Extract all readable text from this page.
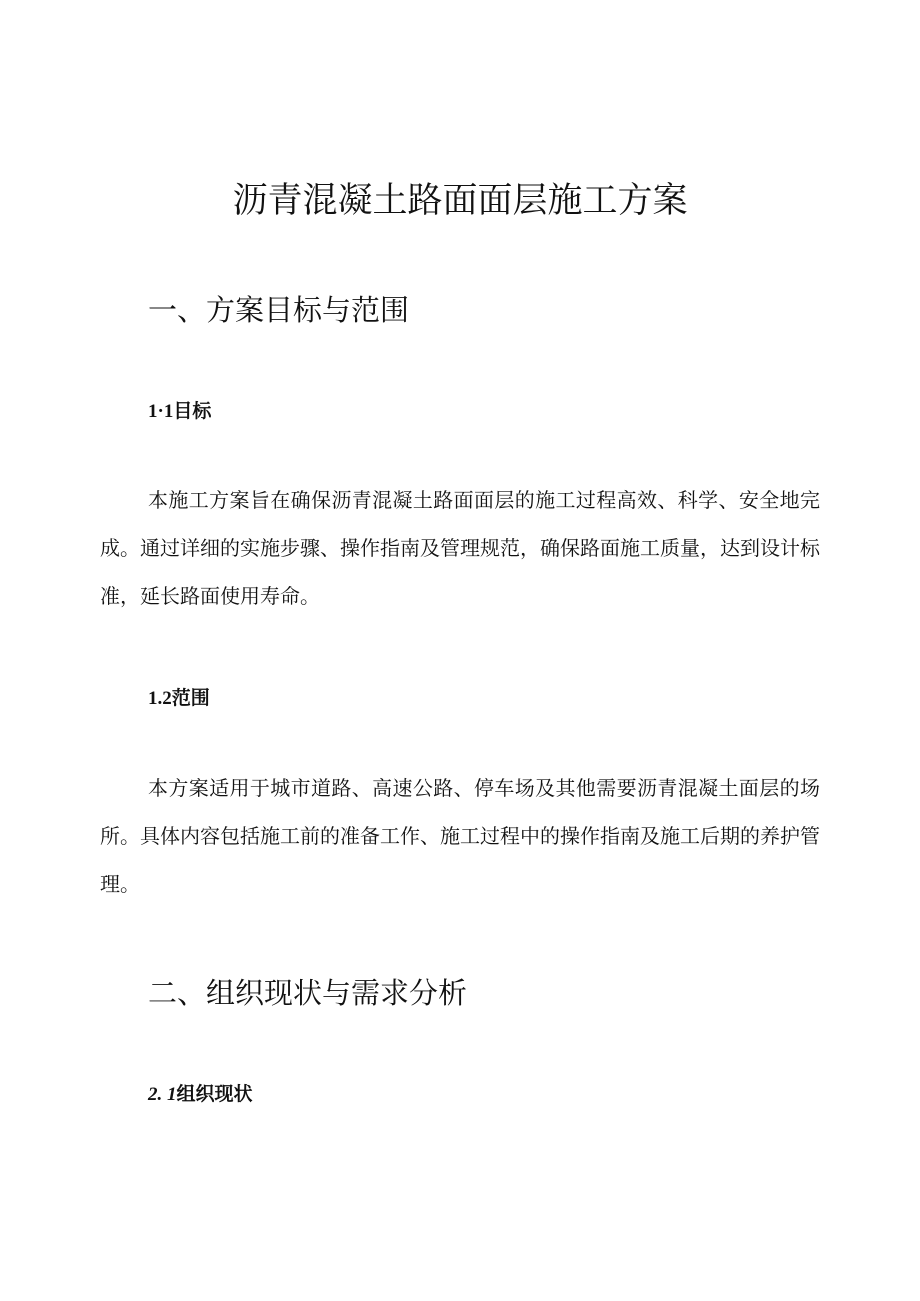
沥青混凝土路面面层施工方案
一、方案目标与范围
1·1目标

本施工方案旨在确保沥青混凝土路面面层的施工过程高效、科学、安全地完成。通过详细的实施步骤、操作指南及管理规范，确保路面施工质量，达到设计标准，延长路面使用寿命。

1.2范围

本方案适用于城市道路、高速公路、停车场及其他需要沥青混凝土面层的场所。具体内容包括施工前的准备工作、施工过程中的操作指南及施工后期的养护管理。

二、组织现状与需求分析
2. 1组织现状
